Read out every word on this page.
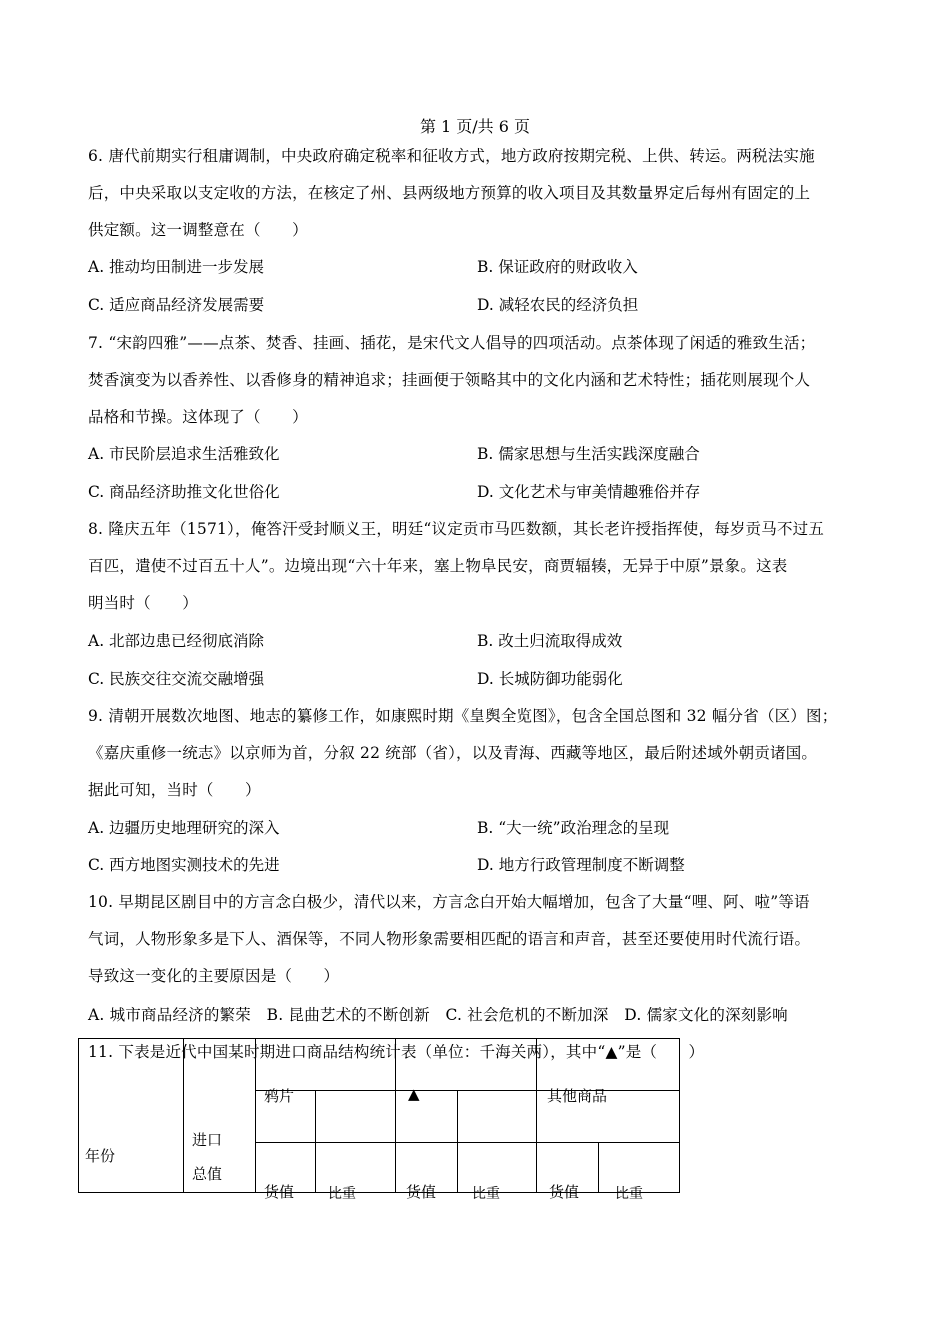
第 1 页/共 6 页
6. 唐代前期实行租庸调制，中央政府确定税率和征收方式，地方政府按期完税、上供、转运。两税法实施
后，中央采取以支定收的方法，在核定了州、县两级地方预算的收入项目及其数量界定后每州有固定的上
供定额。这一调整意在（　　）
A. 推动均田制进一步发展	B. 保证政府的财政收入
C. 适应商品经济发展需要	D. 减轻农民的经济负担
7. “宋韵四雅”——点茶、焚香、挂画、插花，是宋代文人倡导的四项活动。点茶体现了闲适的雅致生活；
焚香演变为以香养性、以香修身的精神追求；挂画便于领略其中的文化内涵和艺术特性；插花则展现个人
品格和节操。这体现了（　　）
A. 市民阶层追求生活雅致化	B. 儒家思想与生活实践深度融合
C. 商品经济助推文化世俗化	D. 文化艺术与审美情趣雅俗并存
8. 隆庆五年（1571），俺答汗受封顺义王，明廷“议定贡市马匹数额，其长老许授指挥使，每岁贡马不过五
百匹，遣使不过百五十人”。边境出现“六十年来，塞上物阜民安，商贾辐辏，无异于中原”景象。这表
明当时（　　）
A. 北部边患已经彻底消除	B. 改土归流取得成效
C. 民族交往交流交融增强	D. 长城防御功能弱化
9. 清朝开展数次地图、地志的纂修工作，如康熙时期《皇舆全览图》，包含全国总图和 32 幅分省（区）图；
《嘉庆重修一统志》以京师为首，分叙 22 统部（省），以及青海、西藏等地区，最后附述域外朝贡诸国。
据此可知，当时（　　）
A. 边疆历史地理研究的深入	B. “大一统”政治理念的呈现
C. 西方地图实测技术的先进	D. 地方行政管理制度不断调整
10. 早期昆区剧目中的方言念白极少，清代以来，方言念白开始大幅增加，包含了大量“哩、阿、啦”等语
气词，人物形象多是下人、酒保等，不同人物形象需要相匹配的语言和声音，甚至还要使用时代流行语。
导致这一变化的主要原因是（　　）
A. 城市商品经济的繁荣　B. 昆曲艺术的不断创新　C. 社会危机的不断加深　D. 儒家文化的深刻影响
年份	进口
总值						

		鸦片		▲		其他商品	

		货值	比重	货值	比重	货值	比重
11. 下表是近代中国某时期进口商品结构统计表（单位：千海关两），其中“▲”是（　　）
